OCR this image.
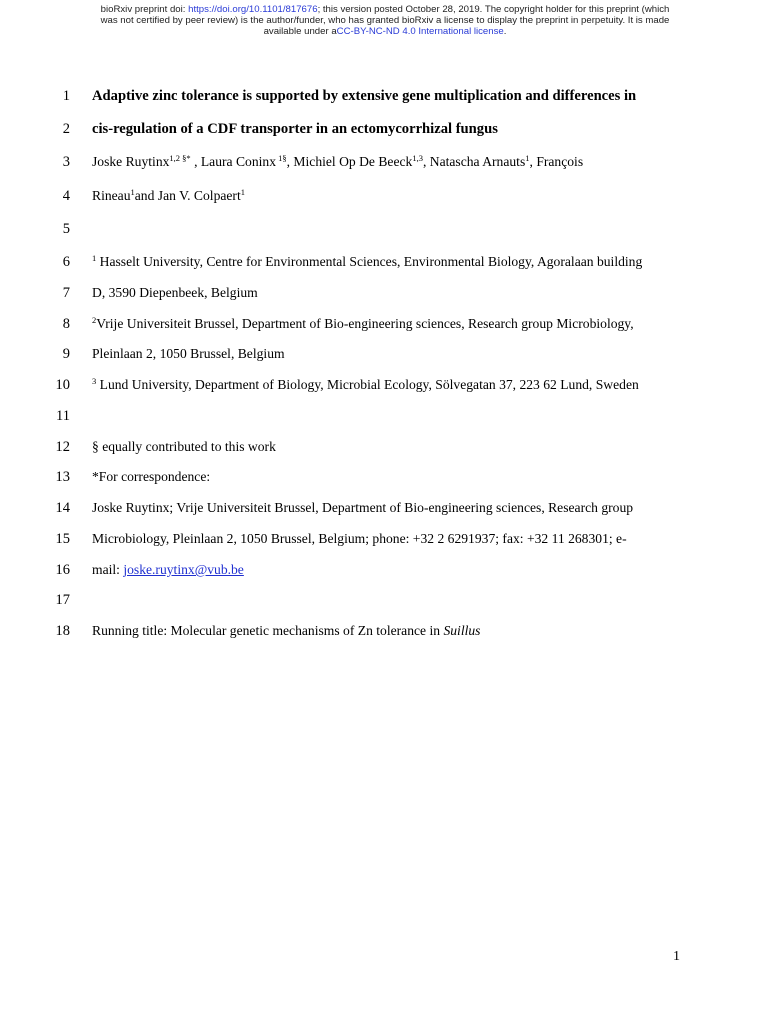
bioRxiv preprint doi: https://doi.org/10.1101/817676; this version posted October 28, 2019. The copyright holder for this preprint (which
was not certified by peer review) is the author/funder, who has granted bioRxiv a license to display the preprint in perpetuity. It is made
available under aCC-BY-NC-ND 4.0 International license.
1 Adaptive zinc tolerance is supported by extensive gene multiplication and differences in
2 cis-regulation of a CDF transporter in an ectomycorrhizal fungus
3 Joske Ruytinx$^{1,2 \S*}$ , Laura Coninx $^{1\S}$, Michiel Op De Beeck$^{1,3}$, Natascha Arnauts$^1$, François
4 Rineau$^1$and Jan V. Colpaert$^1$
5
6	$^1$ Hasselt University, Centre for Environmental Sciences, Environmental Biology, Agoralaan building
7 D, 3590 Diepenbeek, Belgium
8	$^2$Vrije Universiteit Brussel, Department of Bio-engineering sciences, Research group Microbiology,
9 Pleinlaan 2, 1050 Brussel, Belgium
10	$^3$ Lund University, Department of Biology, Microbial Ecology, Sölvegatan 37, 223 62 Lund, Sweden
11
12 § equally contributed to this work
13 *For correspondence:
14 Joske Ruytinx; Vrije Universiteit Brussel, Department of Bio-engineering sciences, Research group
15 Microbiology, Pleinlaan 2, 1050 Brussel, Belgium; phone: +32 2 6291937; fax: +32 11 268301; e-
16 mail: joske.ruytinx@vub.be
17
18 Running title: Molecular genetic mechanisms of Zn tolerance in Suillus
1
